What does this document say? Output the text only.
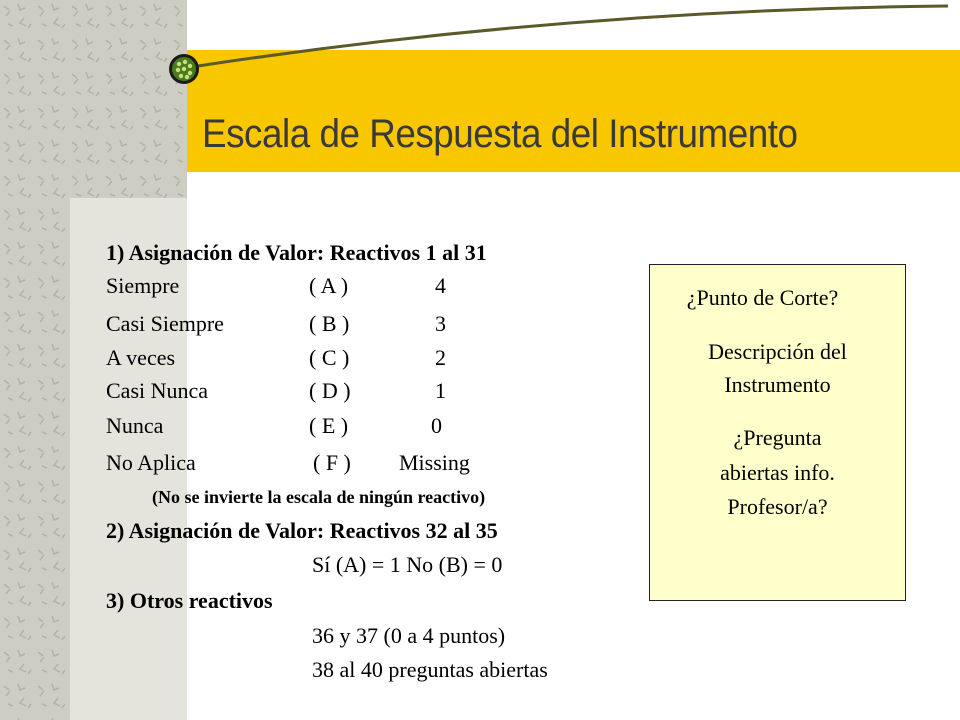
Escala de Respuesta del Instrumento
1) Asignación de Valor: Reactivos 1 al 31
Siempre	( A )	4
Casi Siempre	( B )	3
A veces	( C )	2
Casi Nunca	( D )	1
Nunca	( E )	0
No Aplica	( F ) Missing
(No se invierte la escala de ningún reactivo)
2) Asignación de Valor: Reactivos 32 al 35
Sí (A) = 1 No (B) = 0
3) Otros reactivos
36 y 37 (0 a 4 puntos)
38 al 40 preguntas abiertas
¿Punto de Corte?
Descripción del
Instrumento
¿Pregunta
abiertas info.
Profesor/a?
